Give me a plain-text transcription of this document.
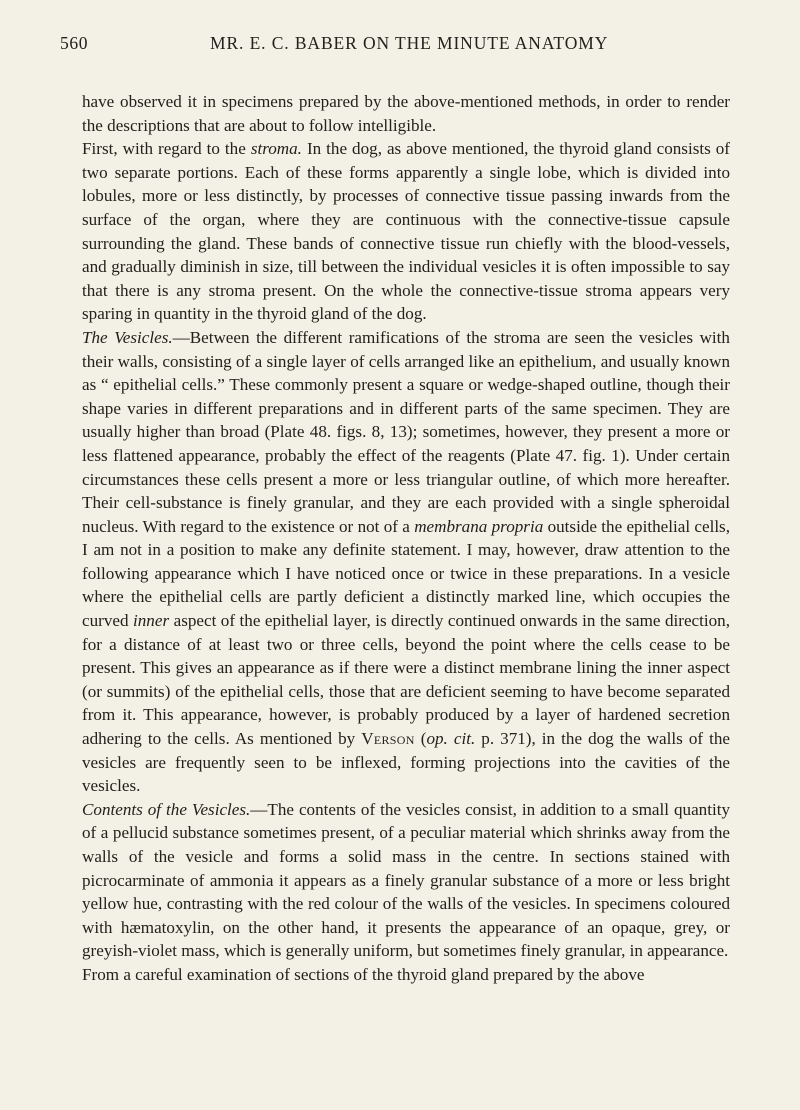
560	MR. E. C. BABER ON THE MINUTE ANATOMY

have observed it in specimens prepared by the above-mentioned methods, in order to render the descriptions that are about to follow intelligible.

First, with regard to the stroma. In the dog, as above mentioned, the thyroid gland consists of two separate portions. Each of these forms apparently a single lobe, which is divided into lobules, more or less distinctly, by processes of connective tissue passing inwards from the surface of the organ, where they are continuous with the connective-tissue capsule surrounding the gland. These bands of connective tissue run chiefly with the blood-vessels, and gradually diminish in size, till between the individual vesicles it is often impossible to say that there is any stroma present. On the whole the connective-tissue stroma appears very sparing in quantity in the thyroid gland of the dog.

The Vesicles.—Between the different ramifications of the stroma are seen the vesicles with their walls, consisting of a single layer of cells arranged like an epithelium, and usually known as “ epithelial cells.” These commonly present a square or wedge-shaped outline, though their shape varies in different preparations and in different parts of the same specimen. They are usually higher than broad (Plate 48. figs. 8, 13); sometimes, however, they present a more or less flattened appearance, probably the effect of the reagents (Plate 47. fig. 1). Under certain circumstances these cells present a more or less triangular outline, of which more hereafter. Their cell-substance is finely granular, and they are each provided with a single spheroidal nucleus. With regard to the existence or not of a membrana propria outside the epithelial cells, I am not in a position to make any definite statement. I may, however, draw attention to the following appearance which I have noticed once or twice in these preparations. In a vesicle where the epithelial cells are partly deficient a distinctly marked line, which occupies the curved inner aspect of the epithelial layer, is directly continued onwards in the same direction, for a distance of at least two or three cells, beyond the point where the cells cease to be present. This gives an appearance as if there were a distinct membrane lining the inner aspect (or summits) of the epithelial cells, those that are deficient seeming to have become separated from it. This appearance, however, is probably produced by a layer of hardened secretion adhering to the cells. As mentioned by Verson (op. cit. p. 371), in the dog the walls of the vesicles are frequently seen to be inflexed, forming projections into the cavities of the vesicles.

Contents of the Vesicles.—The contents of the vesicles consist, in addition to a small quantity of a pellucid substance sometimes present, of a peculiar material which shrinks away from the walls of the vesicle and forms a solid mass in the centre. In sections stained with picrocarminate of ammonia it appears as a finely granular substance of a more or less bright yellow hue, contrasting with the red colour of the walls of the vesicles. In specimens coloured with hæmatoxylin, on the other hand, it presents the appearance of an opaque, grey, or greyish-violet mass, which is generally uniform, but sometimes finely granular, in appearance.

From a careful examination of sections of the thyroid gland prepared by the above
